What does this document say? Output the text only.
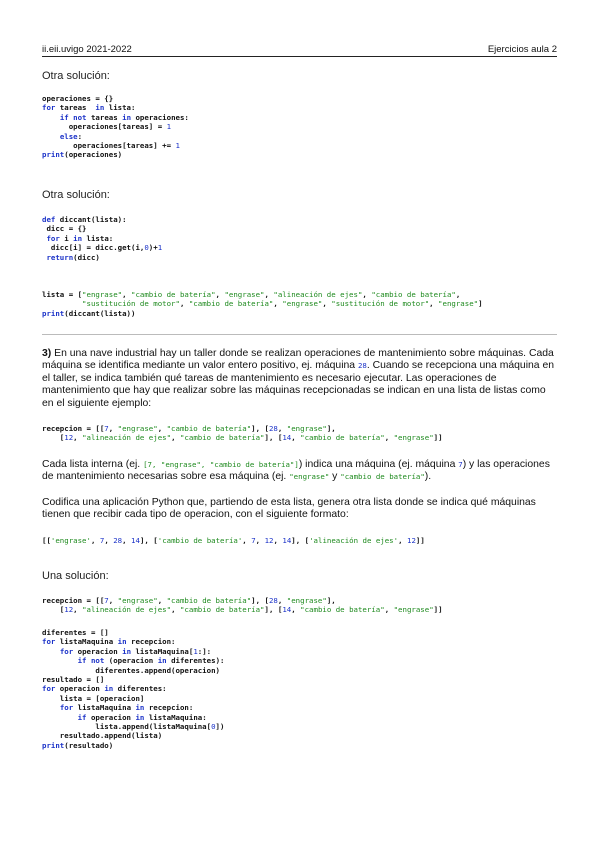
ii.eii.uvigo 2021-2022	Ejercicios aula 2
Otra solución:
operaciones = {}
for tareas  in lista:
if not tareas in operaciones:
operaciones[tareas] = 1
else:
operaciones[tareas] += 1
print(operaciones)
Otra solución:
def diccant(lista):
dicc = {}
for i in lista:
dicc[i] = dicc.get(i,0)+1
return(dicc)
lista = ["engrase", "cambio de batería", "engrase", "alineación de ejes", "cambio de batería",
"sustitución de motor", "cambio de batería", "engrase", "sustitución de motor", "engrase"]
print(diccant(lista))
3) En una nave industrial hay un taller donde se realizan operaciones de mantenimiento sobre máquinas. Cada máquina se identifica mediante un valor entero positivo, ej. máquina 28. Cuando se recepciona una máquina en el taller, se indica también qué tareas de mantenimiento es necesario ejecutar. Las operaciones de mantenimiento que hay que realizar sobre las máquinas recepcionadas se indican en una lista de listas como en el siguiente ejemplo:
recepcion = [[7, "engrase", "cambio de batería"], [28, "engrase"],
[12, "alineación de ejes", "cambio de batería"], [14, "cambio de batería", "engrase"]]
Cada lista interna (ej. [7, "engrase", "cambio de batería"]) indica una máquina (ej. máquina 7) y las operaciones de mantenimiento necesarias sobre esa máquina (ej. "engrase" y "cambio de batería").
Codifica una aplicación Python que, partiendo de esta lista, genera otra lista donde se indica qué máquinas tienen que recibir cada tipo de operacion, con el siguiente formato:
[['engrase', 7, 28, 14], ['cambio de batería', 7, 12, 14], ['alineación de ejes', 12]]
Una solución:
recepcion = [[7, "engrase", "cambio de batería"], [28, "engrase"],
[12, "alineación de ejes", "cambio de batería"], [14, "cambio de batería", "engrase"]]
diferentes = []
for listaMaquina in recepcion:
for operacion in listaMaquina[1:]:
if not (operacion in diferentes):
diferentes.append(operacion)
resultado = []
for operacion in diferentes:
lista = [operacion]
for listaMaquina in recepcion:
if operacion in listaMaquina:
lista.append(listaMaquina[0])
resultado.append(lista)
print(resultado)
